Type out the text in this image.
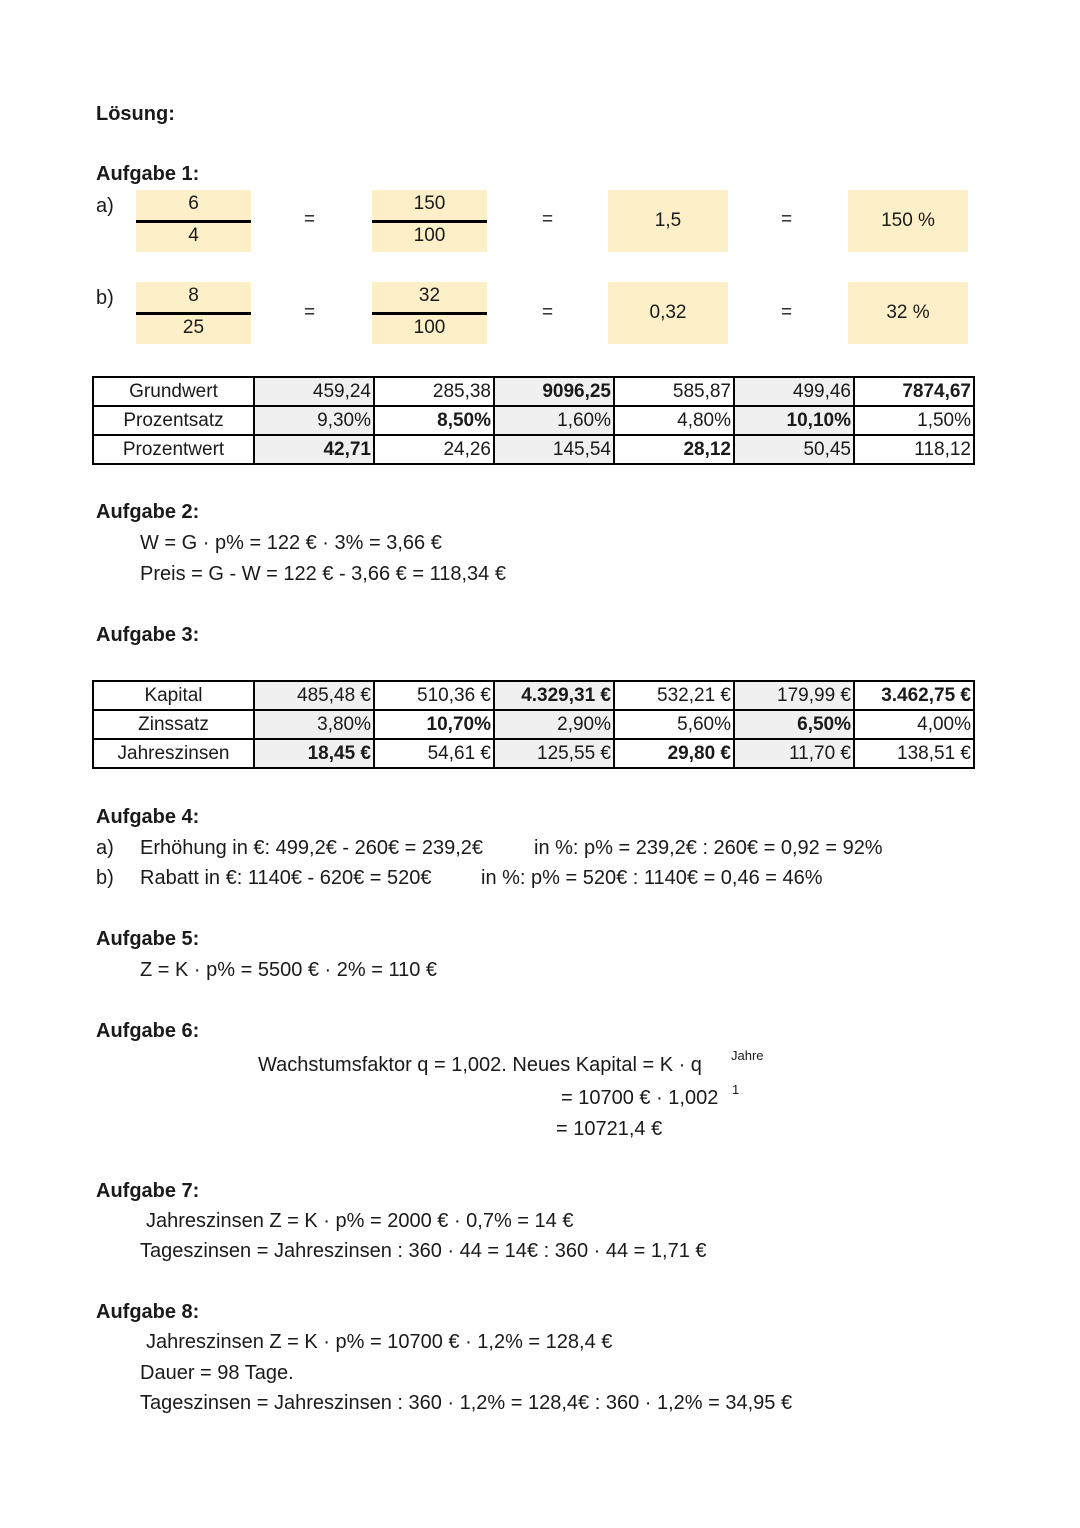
Lösung:
Aufgabe 1:
a)	6
4
=
150
100
=	1,5	=	150 %
b)	8
25
=
32
100
=	0,32	=	32 %
Grundwert	459,24	285,38	9096,25	585,87	499,46	7874,67
Prozentsatz	9,30%	8,50%	1,60%	4,80%	10,10%	1,50%
Prozentwert	42,71	24,26	145,54	28,12	50,45	118,12
Aufgabe 2:
W = G · p% = 122 € · 3% = 3,66 €
Preis = G - W = 122 € - 3,66 € = 118,34 €
Aufgabe 3:
Kapital	485,48 €	510,36 €	4.329,31 €	532,21 €	179,99 €	3.462,75 €
Zinssatz	3,80%	10,70%	2,90%	5,60%	6,50%	4,00%
Jahreszinsen	18,45 €	54,61 €	125,55 €	29,80 €	11,70 €	138,51 €
Aufgabe 4:
a) Erhöhung in €: 499,2€ - 260€ = 239,2€	in %: p% = 239,2€ : 260€ = 0,92 = 92%
b) Rabatt in €: 1140€ - 620€ = 520€ in %: p% = 520€ : 1140€ = 0,46 = 46%
Aufgabe 5:
Z = K · p% = 5500 € · 2% = 110 €
Aufgabe 6:
Wachstumsfaktor q = 1,002. Neues Kapital = K · q Jahre
= 10700 € · 1,002 1
= 10721,4 €
Aufgabe 7:
Jahreszinsen Z = K · p% = 2000 € · 0,7% = 14 €
Tageszinsen = Jahreszinsen : 360 · 44 = 14€ : 360 · 44 = 1,71 €
Aufgabe 8:
Jahreszinsen Z = K · p% = 10700 € · 1,2% = 128,4 €
Dauer = 98 Tage.
Tageszinsen = Jahreszinsen : 360 · 1,2% = 128,4€ : 360 · 1,2% = 34,95 €
